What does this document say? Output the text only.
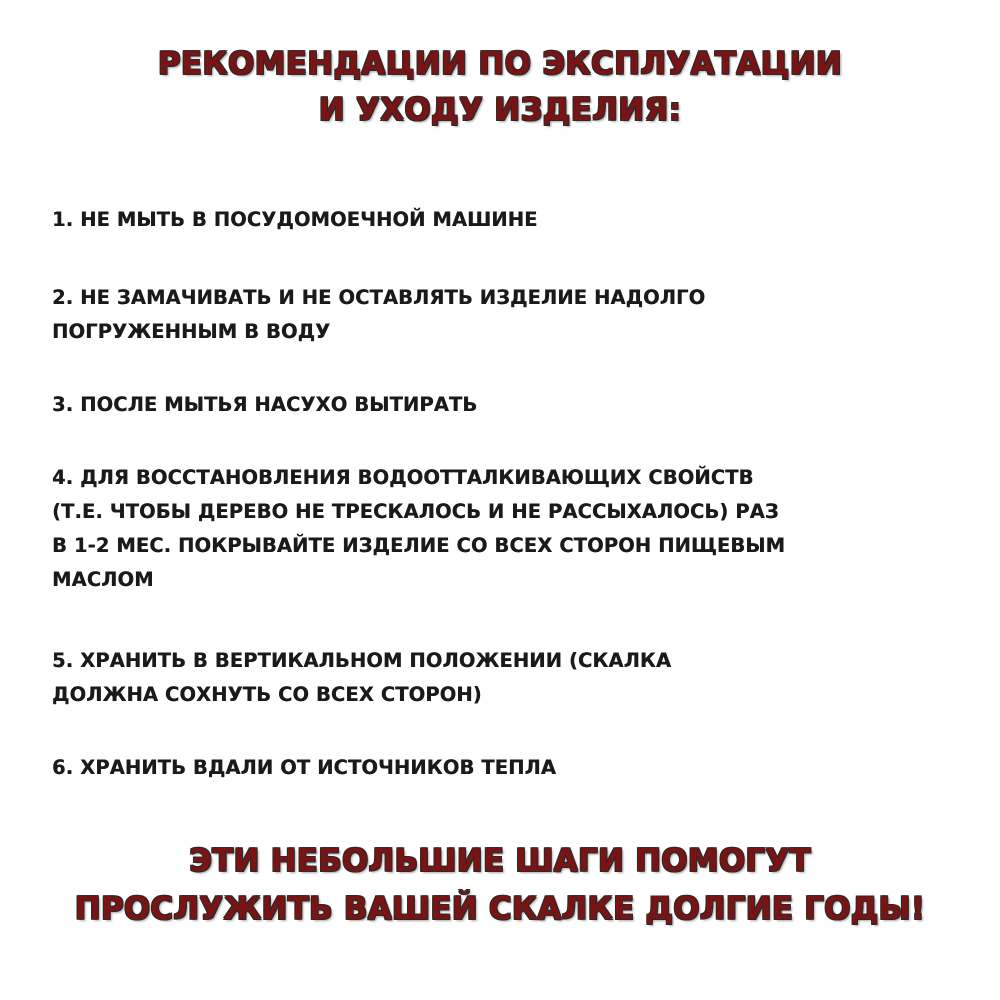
РЕКОМЕНДАЦИИ ПО ЭКСПЛУАТАЦИИ
И УХОДУ ИЗДЕЛИЯ:
1. НЕ МЫТЬ В ПОСУДОМОЕЧНОЙ МАШИНЕ
2. НЕ ЗАМАЧИВАТЬ И НЕ ОСТАВЛЯТЬ ИЗДЕЛИЕ НАДОЛГО
ПОГРУЖЕННЫМ В ВОДУ
3. ПОСЛЕ МЫТЬЯ НАСУХО ВЫТИРАТЬ
4. ДЛЯ ВОССТАНОВЛЕНИЯ ВОДООТТАЛКИВАЮЩИХ СВОЙСТВ
(Т.Е. ЧТОБЫ ДЕРЕВО НЕ ТРЕСКАЛОСЬ И НЕ РАССЫХАЛОСЬ) РАЗ
В 1-2 МЕС. ПОКРЫВАЙТЕ ИЗДЕЛИЕ СО ВСЕХ СТОРОН ПИЩЕВЫМ
МАСЛОМ
5. ХРАНИТЬ В ВЕРТИКАЛЬНОМ ПОЛОЖЕНИИ (СКАЛКА
ДОЛЖНА СОХНУТЬ СО ВСЕХ СТОРОН)
6. ХРАНИТЬ ВДАЛИ ОТ ИСТОЧНИКОВ ТЕПЛА

ЭТИ НЕБОЛЬШИЕ ШАГИ ПОМОГУТ

ПРОСЛУЖИТЬ ВАШЕЙ СКАЛКЕ ДОЛГИЕ ГОДЫ!
